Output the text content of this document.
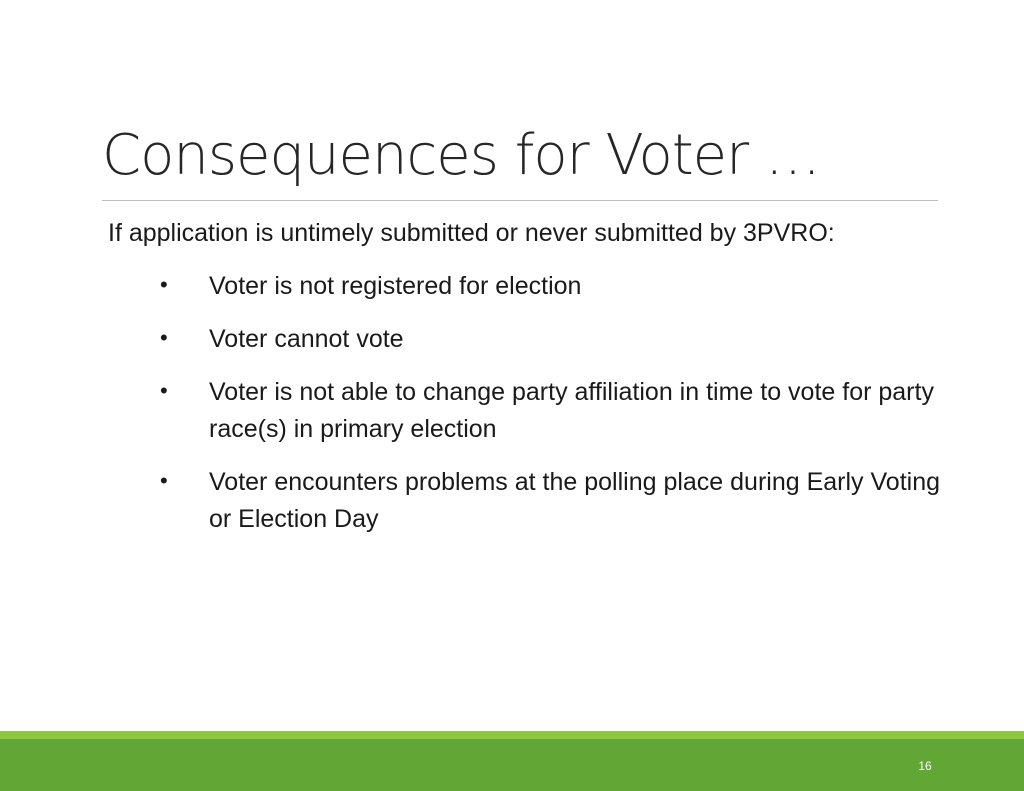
Consequences for Voter …
If application is untimely submitted or never submitted by 3PVRO:
• Voter is not registered for election
• Voter cannot vote
• Voter is not able to change party affiliation in time to vote for party race(s) in primary election
• Voter encounters problems at the polling place during Early Voting or Election Day
16
